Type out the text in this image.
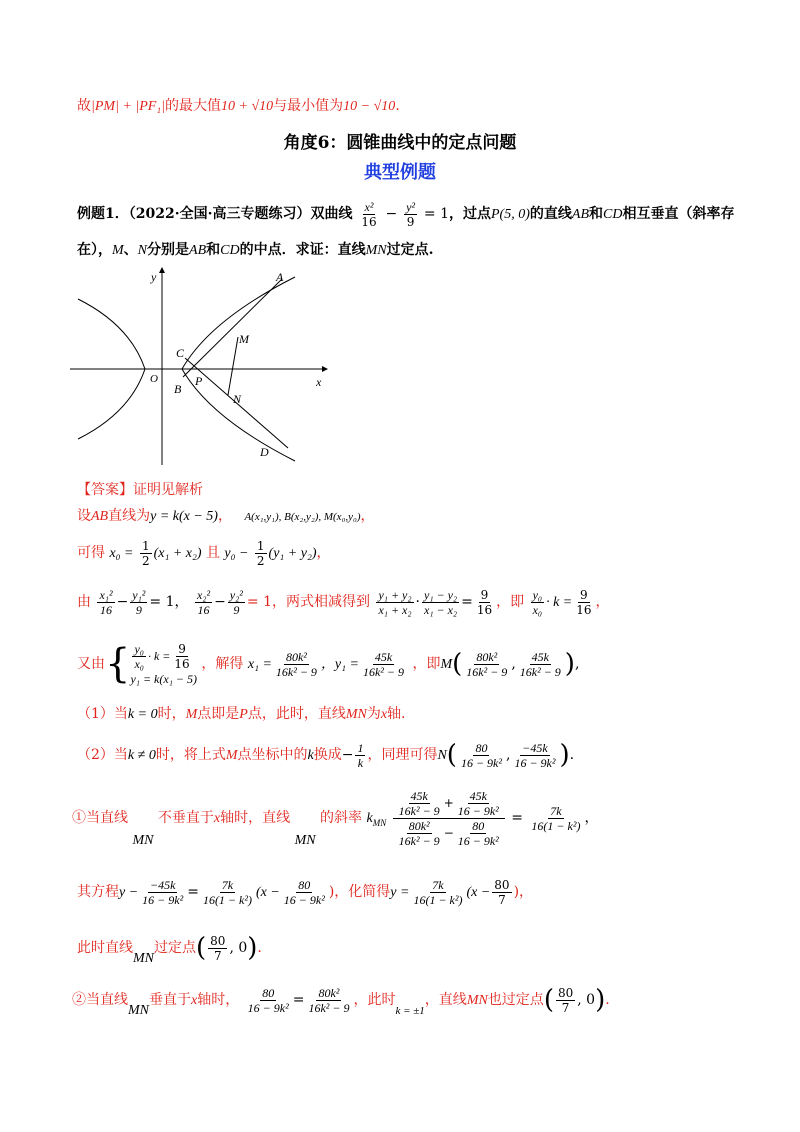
故|PM| + |PF₁|的最大值10 + √10与最小值为10 − √10.
角度6：圆锥曲线中的定点问题
典型例题
例题1．（2022·全国·高三专题练习）双曲线 $\frac{\text{x²}}{16} - \frac{\text{y²}}{9} = 1$，过点P(5, 0)的直线AB和CD相互垂直（斜率存
在），M、N分别是AB和CD的中点．求证：直线MN过定点.
y
x
O
A
C
B
P
M
N
D
【答案】证明见解析
设AB直线为y = k(x − 5)， A(x₁,y₁), B(x₂,y₂), M(x₀,y₀)，
可得 $x_0 = \frac{1}{2} (x_1 + x_2)$ 且 $y_0 - \frac{1}{2} (y_1 + y_2)$，
由 $\frac{\text{x₁²}}{16} - \frac{\text{y₁²}}{9} = 1$， $\frac{\text{x₂²}}{16} - \frac{\text{y₂²}}{9} = 1$，两式相减得到 $\frac{\text{y₁ + y₂}}{\text{x₁ + x₂}} \cdot \frac{\text{y₁ − y₂}}{\text{x₁ − x₂}} = \frac{9}{16}$ ，即 $\frac{\text{y₀}}{\text{x₀}} \cdot k = \frac{9}{16}$ ，
又由{ $\frac{\text{y₀}}{\text{x₀}} \cdot k = \frac{9}{16}$
y₁ = k(x₁ − 5)
，解得 $x_1 = \frac{\text{80k²}}{\text{16k² − 9}}$ ，$y_1 = \frac{45k}{\text{16k² − 9}}$ ，即$M( \frac{\text{80k²}}{\text{16k² − 9}}$ , $\frac{45k}{\text{16k² − 9}}$ ),
（1）当k = 0时，M点即是P点，此时，直线MN为x轴.
（2）当k ≠ 0时，将上式M点坐标中的k换成− $\frac{1}{k}$ ，同理可得$N( \frac{80}{\text{16 − 9k²}}$ , $\frac{-45k}{\text{16 − 9k²}}$ ).
①当直线 MN 不垂直于x轴时，直线 MN 的斜率 $k_{MN} \frac{\frac{45k}{\text{16k² − 9}} + \frac{45k}{\text{16 − 9k²}}}{\frac{\text{80k²}}{\text{16k² − 9}} - \frac{80}{\text{16 − 9k²}}} = \frac{7k}{\text{16(1 − k²)}}$ ，
其方程$y - \frac{-45k}{\text{16 − 9k²}} = \frac{7k}{\text{16(1 − k²)}} (x - \frac{80}{\text{16 − 9k²}}$ )，化简得$y = \frac{7k}{\text{16(1 − k²)}} (x - \frac{80}{7}$ )，
此时直线MN过定点( $\frac{80}{7}$ , 0).
②当直线MN垂直于x轴时， $\frac{80}{\text{16 − 9k²}} = \frac{\text{80k²}}{\text{16k² − 9}}$ ，此时$_{k = \pm 1}$，直线MN也过定点( $\frac{80}{7}$ , 0).
